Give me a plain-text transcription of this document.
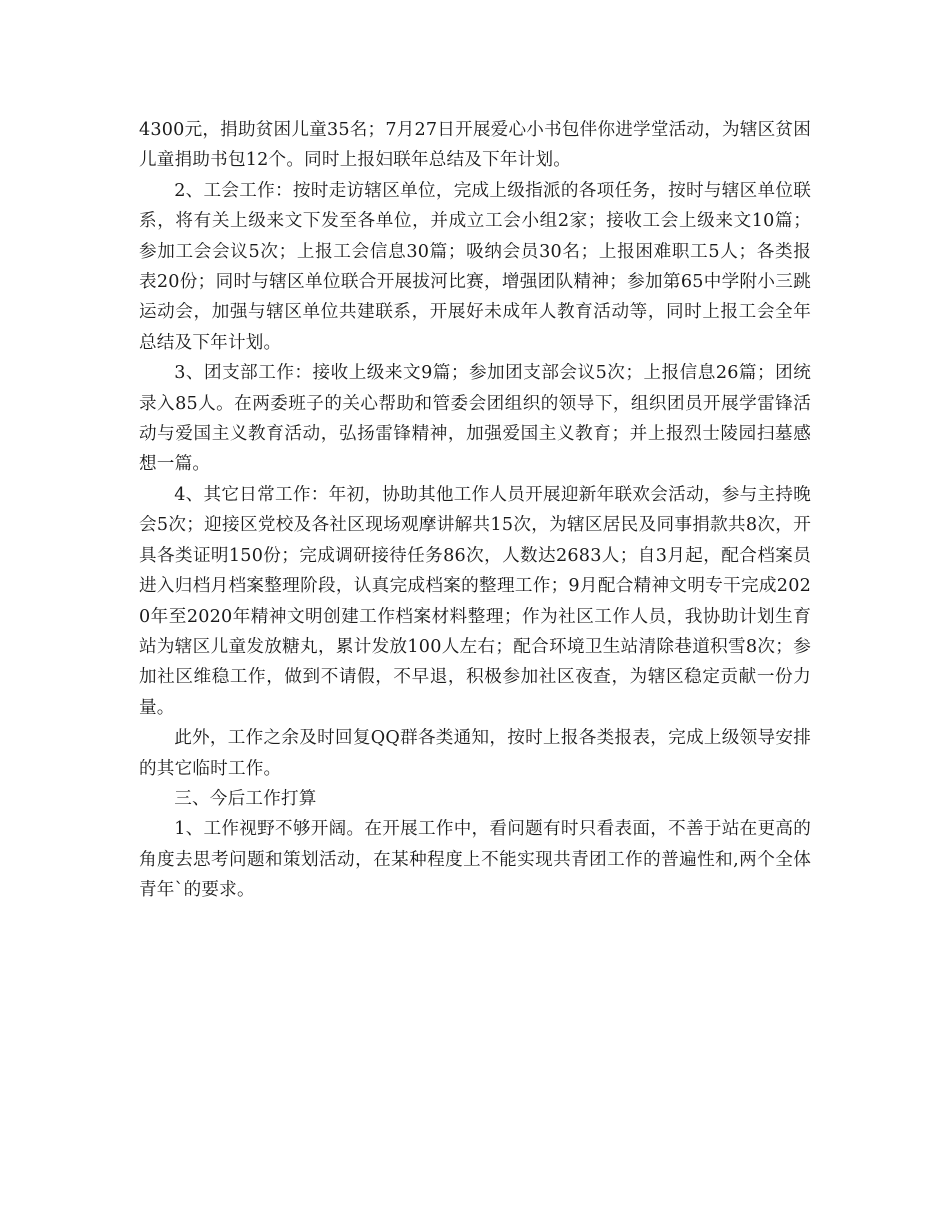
4300元，捐助贫困儿童35名；7月27日开展爱心小书包伴你进学堂活动，为辖区贫困儿童捐助书包12个。同时上报妇联年总结及下年计划。

2、工会工作：按时走访辖区单位，完成上级指派的各项任务，按时与辖区单位联系，将有关上级来文下发至各单位，并成立工会小组2家；接收工会上级来文10篇；参加工会会议5次；上报工会信息30篇；吸纳会员30名；上报困难职工5人；各类报表20份；同时与辖区单位联合开展拔河比赛，增强团队精神；参加第65中学附小三跳运动会，加强与辖区单位共建联系，开展好未成年人教育活动等，同时上报工会全年总结及下年计划。

3、团支部工作：接收上级来文9篇；参加团支部会议5次；上报信息26篇；团统录入85人。在两委班子的关心帮助和管委会团组织的领导下，组织团员开展学雷锋活动与爱国主义教育活动，弘扬雷锋精神，加强爱国主义教育；并上报烈士陵园扫墓感想一篇。

4、其它日常工作：年初，协助其他工作人员开展迎新年联欢会活动，参与主持晚会5次；迎接区党校及各社区现场观摩讲解共15次，为辖区居民及同事捐款共8次，开具各类证明150份；完成调研接待任务86次，人数达2683人；自3月起，配合档案员进入归档月档案整理阶段，认真完成档案的整理工作；9月配合精神文明专干完成2020年至2020年精神文明创建工作档案材料整理；作为社区工作人员，我协助计划生育站为辖区儿童发放糖丸，累计发放100人左右；配合环境卫生站清除巷道积雪8次；参加社区维稳工作，做到不请假，不早退，积极参加社区夜查，为辖区稳定贡献一份力量。

此外，工作之余及时回复QQ群各类通知，按时上报各类报表，完成上级领导安排的其它临时工作。

三、今后工作打算

1、工作视野不够开阔。在开展工作中，看问题有时只看表面，不善于站在更高的角度去思考问题和策划活动，在某种程度上不能实现共青团工作的普遍性和,两个全体青年`的要求。
